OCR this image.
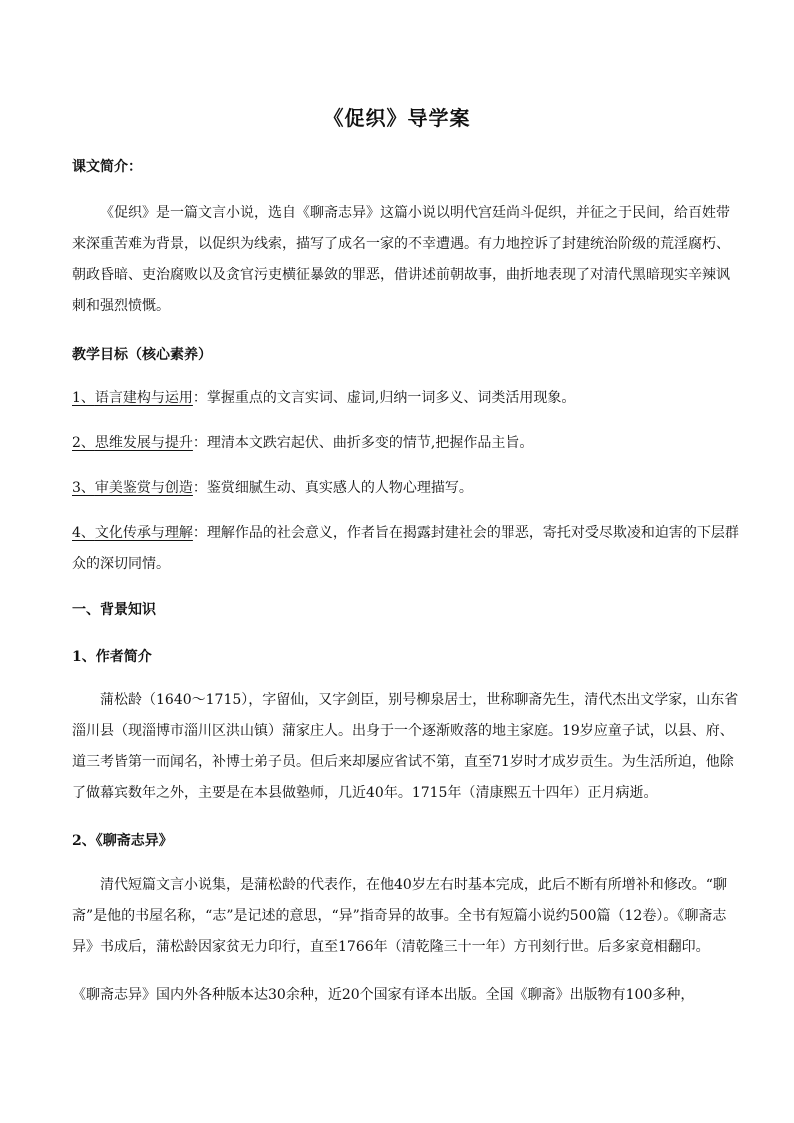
《促织》导学案
课文简介：
《促织》是一篇文言小说，选自《聊斋志异》这篇小说以明代宫廷尚斗促织，并征之于民间，给百姓带来深重苦难为背景，以促织为线索，描写了成名一家的不幸遭遇。有力地控诉了封建统治阶级的荒淫腐朽、朝政昏暗、吏治腐败以及贪官污吏横征暴敛的罪恶，借讲述前朝故事，曲折地表现了对清代黑暗现实辛辣讽刺和强烈愤慨。
教学目标（核心素养）
1、语言建构与运用：掌握重点的文言实词、虚词,归纳一词多义、词类活用现象。
2、思维发展与提升：理清本文跌宕起伏、曲折多变的情节,把握作品主旨。
3、审美鉴赏与创造：鉴赏细腻生动、真实感人的人物心理描写。
4、文化传承与理解：理解作品的社会意义，作者旨在揭露封建社会的罪恶，寄托对受尽欺凌和迫害的下层群众的深切同情。
一、背景知识
1、作者简介
蒲松龄（1640～1715），字留仙，又字剑臣，别号柳泉居士，世称聊斋先生，清代杰出文学家，山东省淄川县（现淄博市淄川区洪山镇）蒲家庄人。出身于一个逐渐败落的地主家庭。19岁应童子试，以县、府、道三考皆第一而闻名，补博士弟子员。但后来却屡应省试不第，直至71岁时才成岁贡生。为生活所迫，他除了做幕宾数年之外，主要是在本县做塾师，几近40年。1715年（清康熙五十四年）正月病逝。
2、《聊斋志异》
清代短篇文言小说集，是蒲松龄的代表作，在他40岁左右时基本完成，此后不断有所增补和修改。“聊斋”是他的书屋名称，“志”是记述的意思，“异”指奇异的故事。全书有短篇小说约500篇（12卷）。《聊斋志异》书成后，蒲松龄因家贫无力印行，直至1766年（清乾隆三十一年）方刊刻行世。后多家竟相翻印。
《聊斋志异》国内外各种版本达30余种，近20个国家有译本出版。全国《聊斋》出版物有100多种，
